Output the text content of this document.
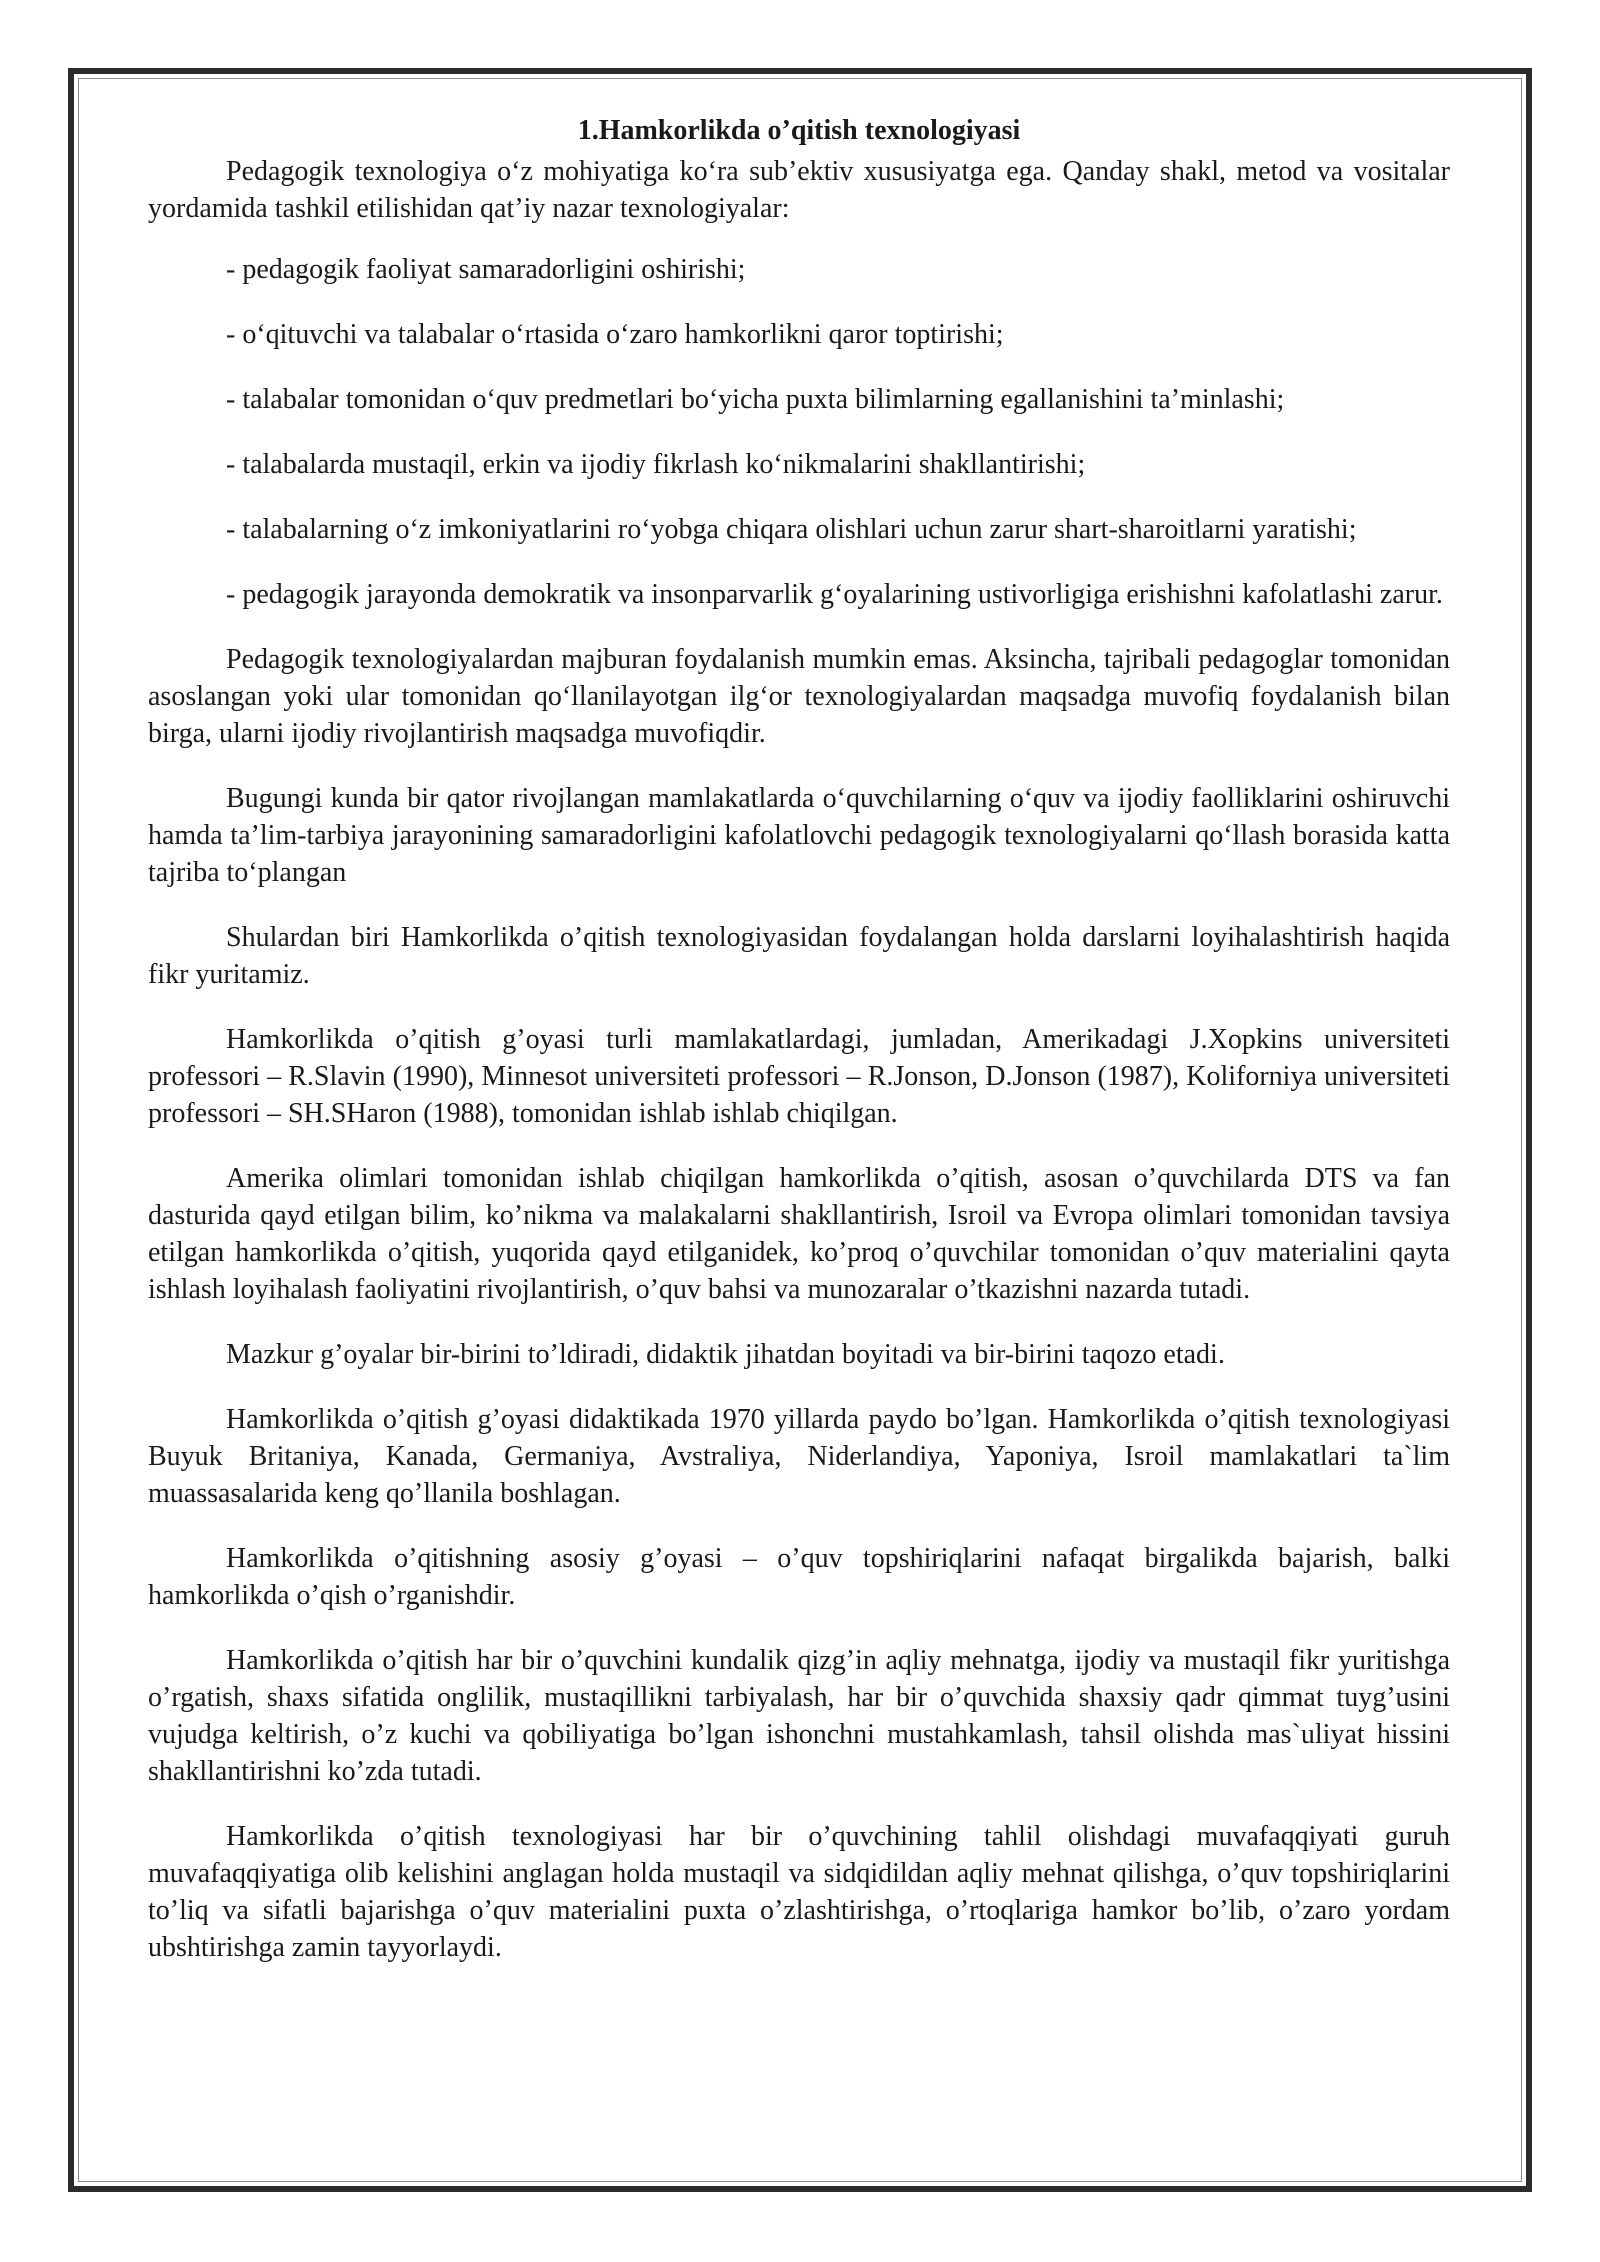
1.Hamkorlikda o’qitish texnologiyasi
Pedagogik texnologiya oʻz mohiyatiga koʻra subʼektiv xususiyatga ega. Qanday shakl, metod va vositalar yordamida tashkil etilishidan qatʼiy nazar texnologiyalar:
- pedagogik faoliyat samaradorligini oshirishi;
- oʻqituvchi va talabalar oʻrtasida oʻzaro hamkorlikni qaror toptirishi;
- talabalar tomonidan oʻquv predmetlari boʻyicha puxta bilimlarning egallanishini taʼminlashi;
- talabalarda mustaqil, erkin va ijodiy fikrlash koʻnikmalarini shakllantirishi;
- talabalarning oʻz imkoniyatlarini roʻyobga chiqara olishlari uchun zarur shart-sharoitlarni yaratishi;
- pedagogik jarayonda demokratik va insonparvarlik gʻoyalarining ustivorligiga erishishni kafolatlashi zarur.
Pedagogik texnologiyalardan majburan foydalanish mumkin emas. Aksincha, tajribali pedagoglar tomonidan asoslangan yoki ular tomonidan qoʻllanilayotgan ilgʻor texnologiyalardan maqsadga muvofiq foydalanish bilan birga, ularni ijodiy rivojlantirish maqsadga muvofiqdir.
Bugungi kunda bir qator rivojlangan mamlakatlarda oʻquvchilarning oʻquv va ijodiy faolliklarini oshiruvchi hamda taʼlim-tarbiya jarayonining samaradorligini kafolatlovchi pedagogik texnologiyalarni qoʻllash borasida katta tajriba toʻplangan
Shulardan biri Hamkorlikda o’qitish texnologiyasidan foydalangan holda darslarni loyihalashtirish haqida fikr yuritamiz.
Hamkorlikda o’qitish g’oyasi turli mamlakatlardagi, jumladan, Amerikadagi J.Xopkins universiteti professori – R.Slavin (1990), Minnesot universiteti professori – R.Jonson, D.Jonson (1987), Koliforniya universiteti professori – SH.SHaron (1988), tomonidan ishlab ishlab chiqilgan.
Amerika olimlari tomonidan ishlab chiqilgan hamkorlikda o’qitish, asosan o’quvchilarda DTS va fan dasturida qayd etilgan bilim, ko’nikma va malakalarni shakllantirish, Isroil va Evropa olimlari tomonidan tavsiya etilgan hamkorlikda o’qitish, yuqorida qayd etilganidek, ko’proq o’quvchilar tomonidan o’quv materialini qayta ishlash loyihalash faoliyatini rivojlantirish, o’quv bahsi va munozaralar o’tkazishni nazarda tutadi.
Mazkur g’oyalar bir-birini to’ldiradi, didaktik jihatdan boyitadi va bir-birini taqozo etadi.
Hamkorlikda o’qitish g’oyasi didaktikada 1970 yillarda paydo bo’lgan. Hamkorlikda o’qitish texnologiyasi Buyuk Britaniya, Kanada, Germaniya, Avstraliya, Niderlandiya, Yaponiya, Isroil mamlakatlari ta`lim muassasalarida keng qo’llanila boshlagan.
Hamkorlikda o’qitishning asosiy g’oyasi – o’quv topshiriqlarini nafaqat birgalikda bajarish, balki hamkorlikda o’qish o’rganishdir.
Hamkorlikda o’qitish har bir o’quvchini kundalik qizg’in aqliy mehnatga, ijodiy va mustaqil fikr yuritishga o’rgatish, shaxs sifatida onglilik, mustaqillikni tarbiyalash, har bir o’quvchida shaxsiy qadr qimmat tuyg’usini vujudga keltirish, o’z kuchi va qobiliyatiga bo’lgan ishonchni mustahkamlash, tahsil olishda mas`uliyat hissini shakllantirishni ko’zda tutadi.
Hamkorlikda o’qitish texnologiyasi har bir o’quvchining tahlil olishdagi muvafaqqiyati guruh muvafaqqiyatiga olib kelishini anglagan holda mustaqil va sidqidildan aqliy mehnat qilishga, o’quv topshiriqlarini to’liq va sifatli bajarishga o’quv materialini puxta o’zlashtirishga, o’rtoqlariga hamkor bo’lib, o’zaro yordam ubshtirishga zamin tayyorlaydi.
